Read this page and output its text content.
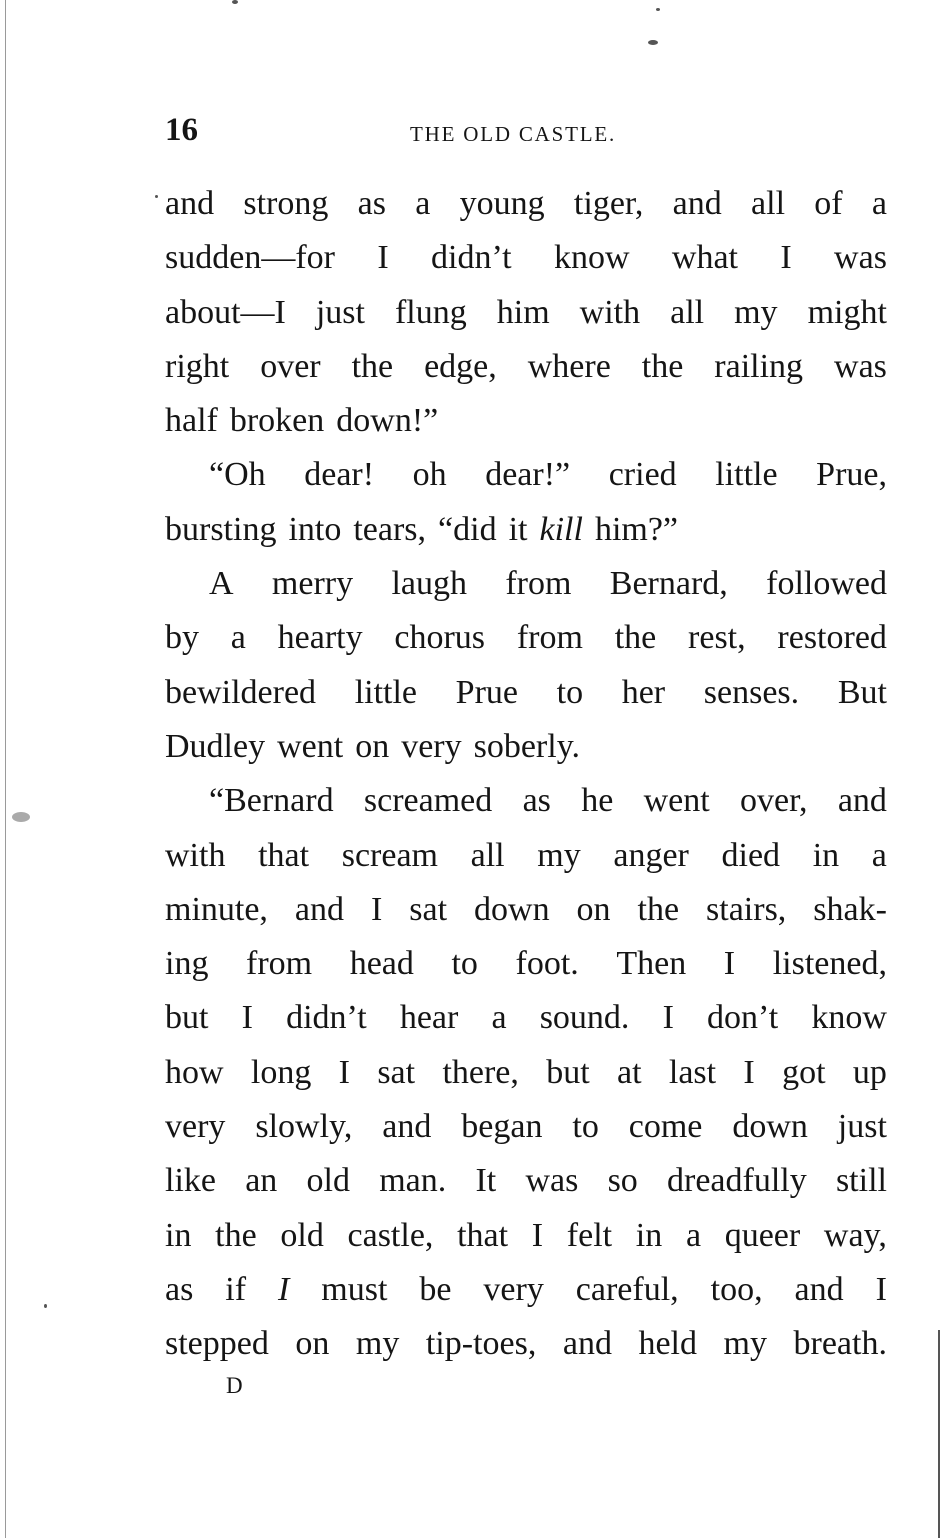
16	THE OLD CASTLE.
and strong as a young tiger, and all of a
sudden—for I didn’t know what I was
about—I just flung him with all my might
right over the edge, where the railing was
half broken down!”
“Oh dear! oh dear!” cried little Prue,
bursting into tears, “did it kill him?”
A merry laugh from Bernard, followed
by a hearty chorus from the rest, restored
bewildered little Prue to her senses. But
Dudley went on very soberly.
“Bernard screamed as he went over, and
with that scream all my anger died in a
minute, and I sat down on the stairs, shak-
ing from head to foot. Then I listened,
but I didn’t hear a sound. I don’t know
how long I sat there, but at last I got up
very slowly, and began to come down just
like an old man. It was so dreadfully still
in the old castle, that I felt in a queer way,
as if I must be very careful, too, and I
stepped on my tip-toes, and held my breath.
D
